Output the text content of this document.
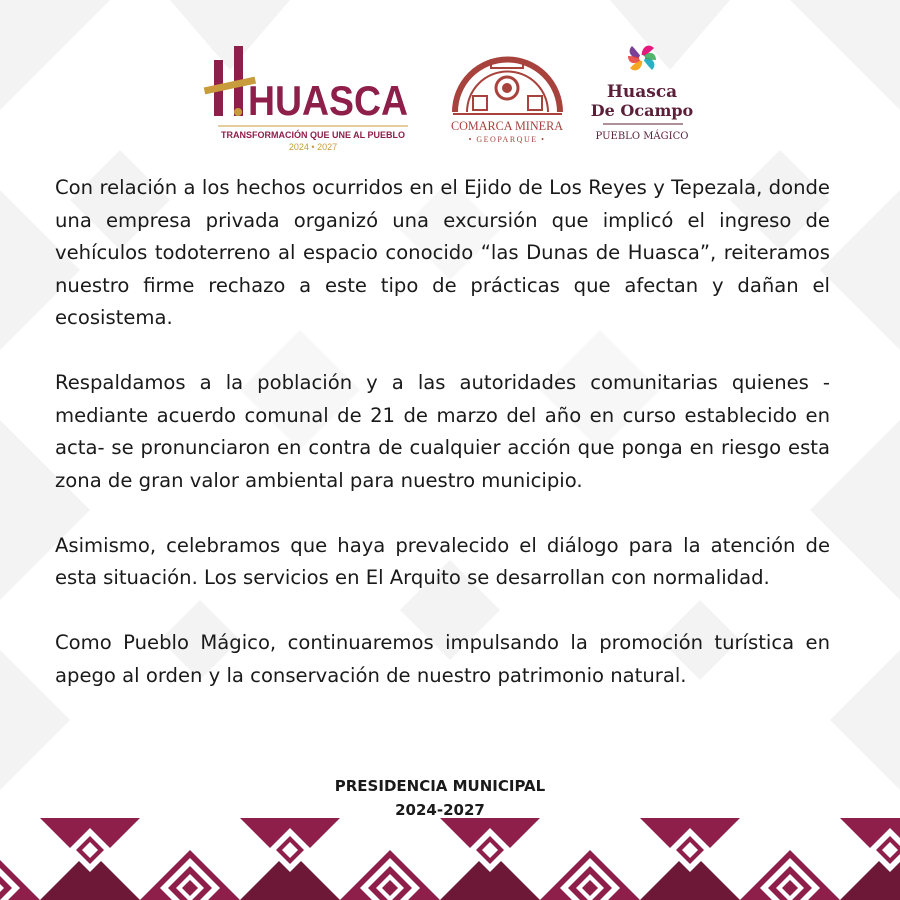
HUASCA
TRANSFORMACIÓN QUE UNE AL PUEBLO
2024 • 2027
COMARCA MINERA
• GEOPARQUE •
Huasca
De Ocampo
PUEBLO MÁGICO

Con relación a los hechos ocurridos en el Ejido de Los Reyes y Tepezala, donde una empresa privada organizó una excursión que implicó el ingreso de vehículos todoterreno al espacio conocido “las Dunas de Huasca”, reiteramos nuestro firme rechazo a este tipo de prácticas que afectan y dañan el ecosistema.

Respaldamos a la población y a las autoridades comunitarias quienes -mediante acuerdo comunal de 21 de marzo del año en curso establecido en acta- se pronunciaron en contra de cualquier acción que ponga en riesgo esta zona de gran valor ambiental para nuestro municipio.

Asimismo, celebramos que haya prevalecido el diálogo para la atención de esta situación. Los servicios en El Arquito se desarrollan con normalidad.

Como Pueblo Mágico, continuaremos impulsando la promoción turística en apego al orden y la conservación de nuestro patrimonio natural.

PRESIDENCIA MUNICIPAL
2024-2027
